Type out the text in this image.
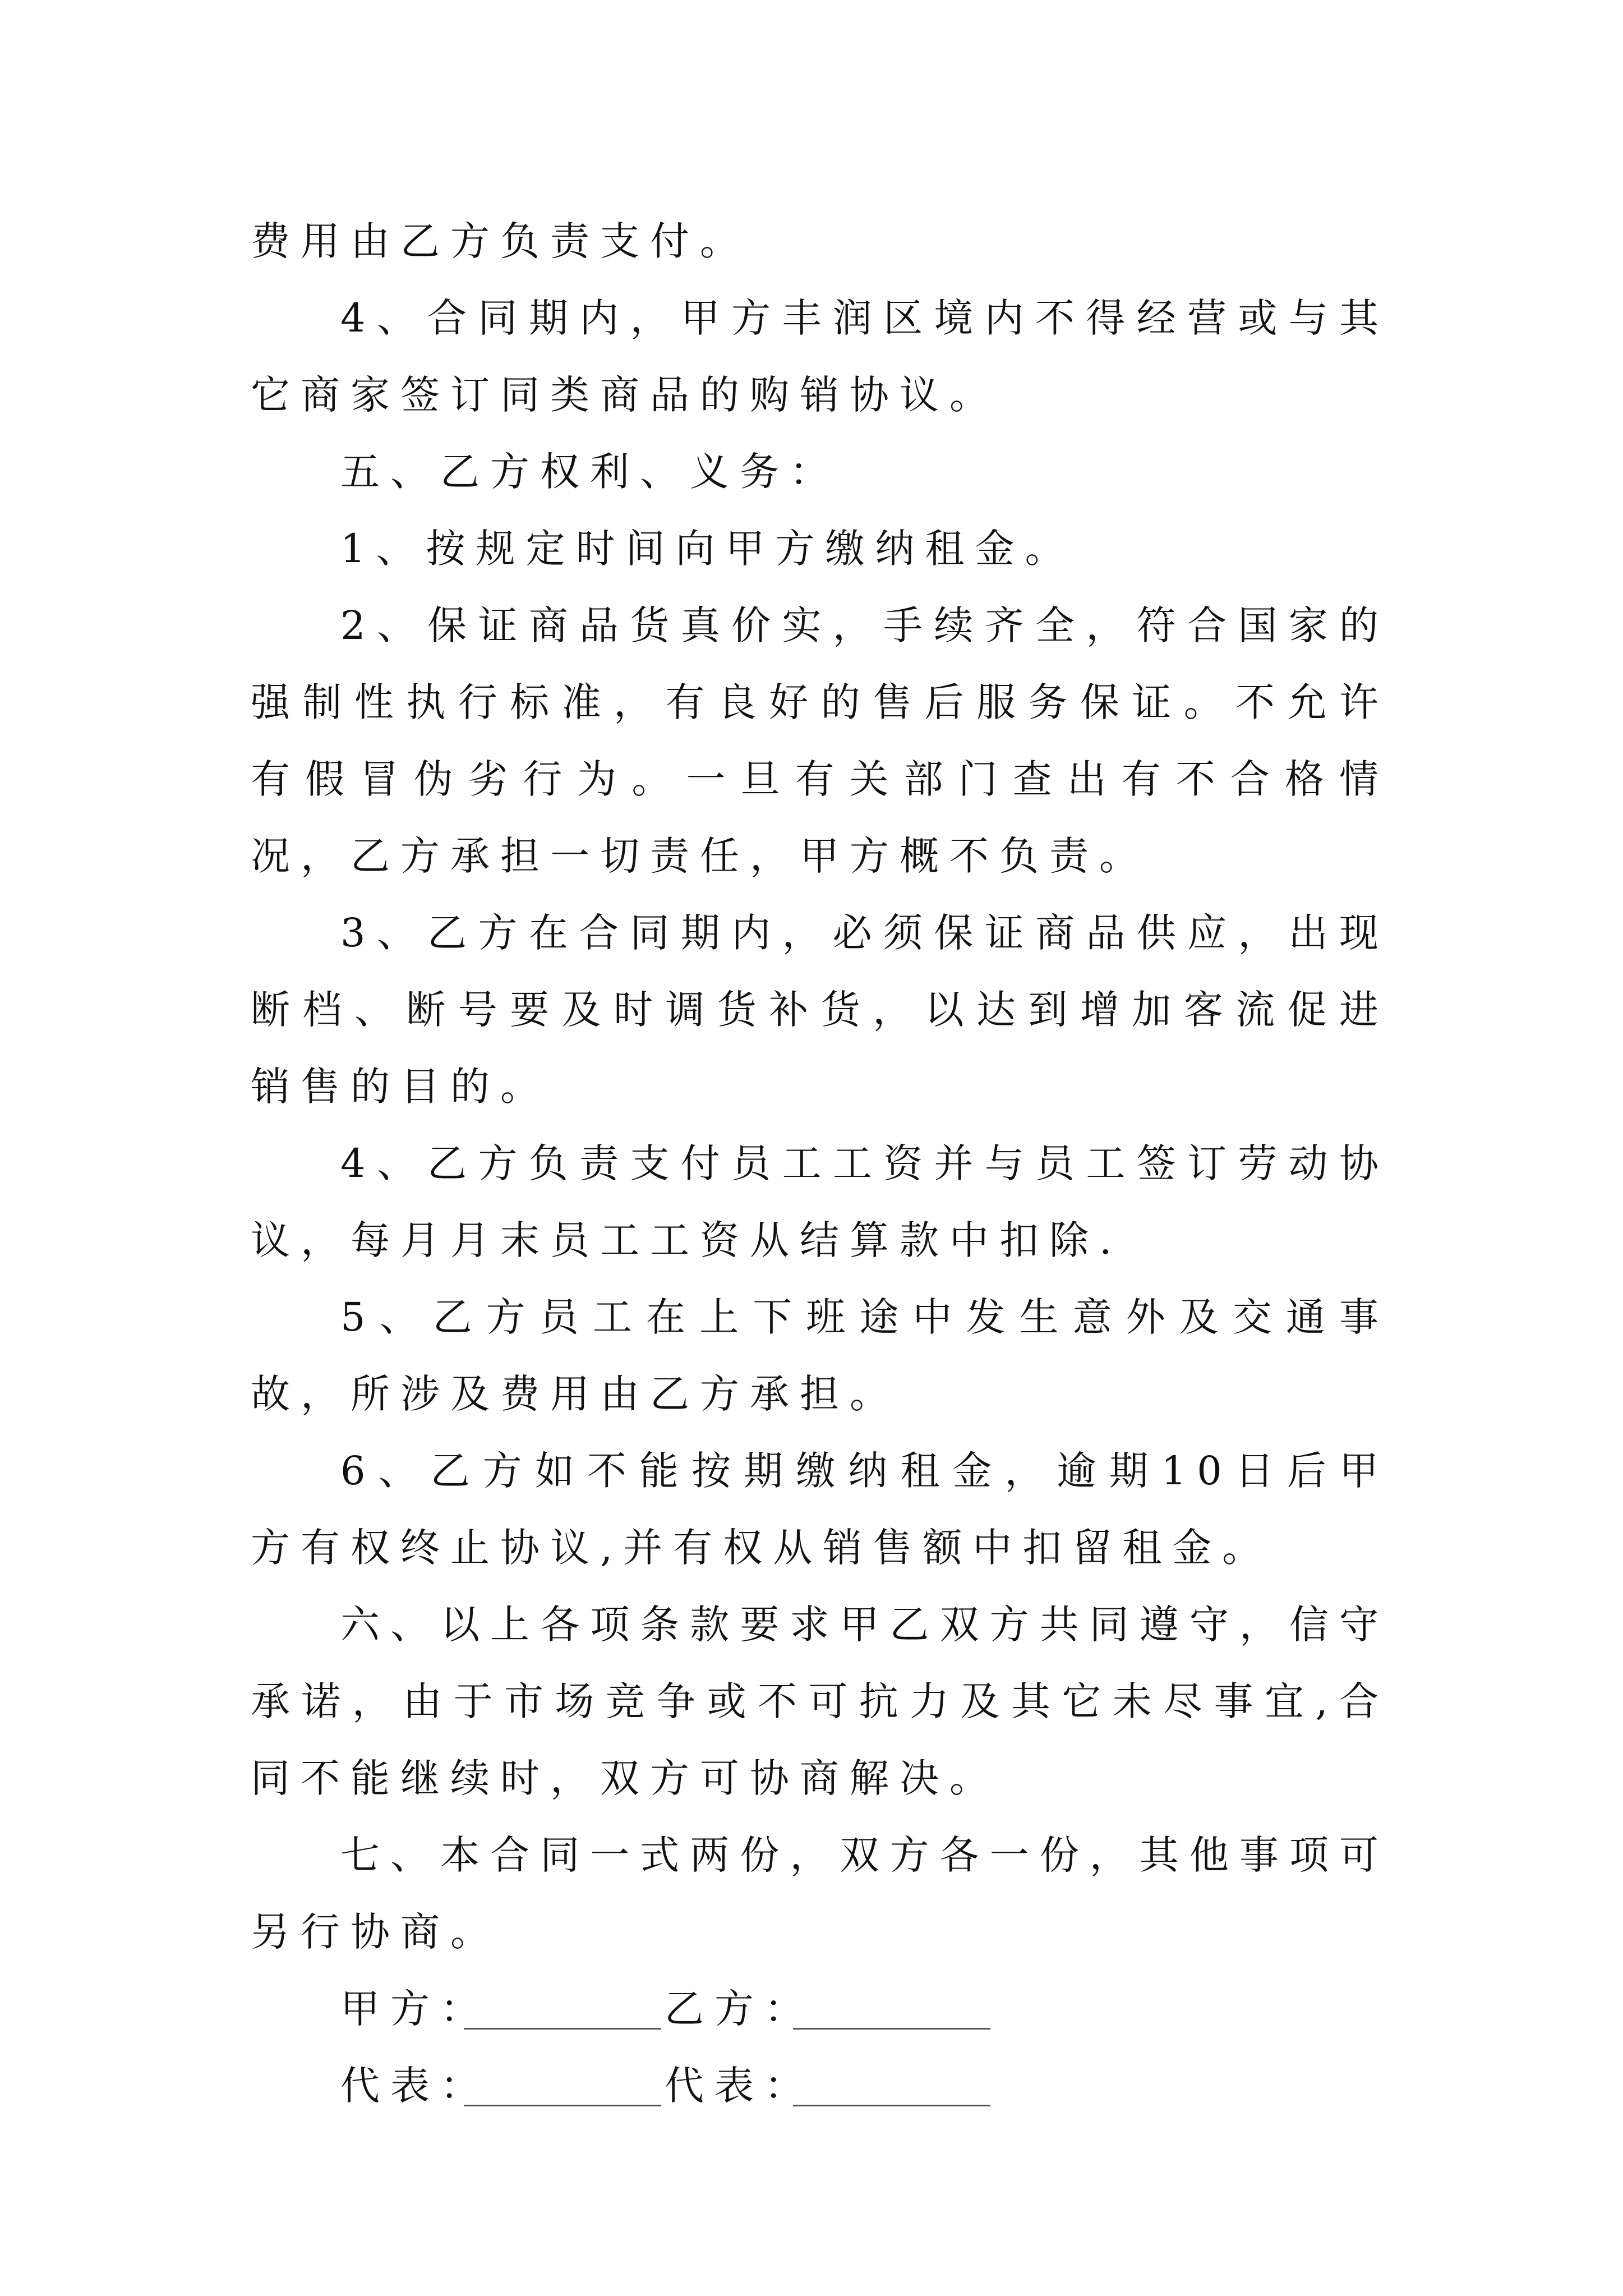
费用由乙方负责支付。

4、合同期内，甲方丰润区境内不得经营或与其它商家签订同类商品的购销协议。

五、乙方权利、义务：

1、按规定时间向甲方缴纳租金。

2、保证商品货真价实，手续齐全，符合国家的强制性执行标准，有良好的售后服务保证。不允许有假冒伪劣行为。一旦有关部门查出有不合格情况，乙方承担一切责任，甲方概不负责。

3、乙方在合同期内，必须保证商品供应，出现断档、断号要及时调货补货，以达到增加客流促进销售的目的。

4、乙方负责支付员工工资并与员工签订劳动协议，每月月末员工工资从结算款中扣除.

5、乙方员工在上下班途中发生意外及交通事故，所涉及费用由乙方承担。

6、乙方如不能按期缴纳租金，逾期10日后甲方有权终止协议,并有权从销售额中扣留租金。

六、以上各项条款要求甲乙双方共同遵守，信守承诺，由于市场竞争或不可抗力及其它未尽事宜,合同不能继续时，双方可协商解决。

七、本合同一式两份，双方各一份，其他事项可另行协商。

甲方：	乙方：
代表：	代表：
